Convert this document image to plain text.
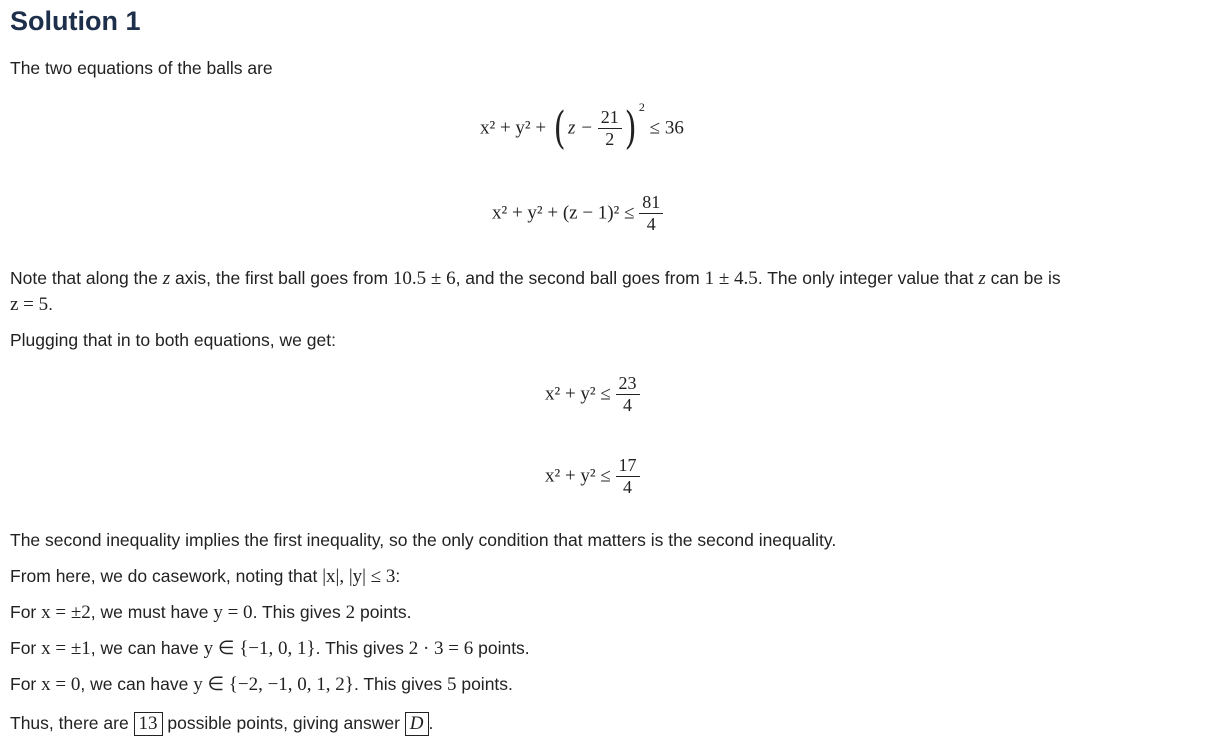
Solution 1
The two equations of the balls are
x² + y² + ( $z - \frac{21}{2}$ ) $^2$ ≤ 36
$x^2 + y^2 + (z - 1)^2 \le \frac{81}{4}$
Note that along the z axis, the first ball goes from 10.5 ± 6, and the second ball goes from 1 ± 4.5. The only integer value that z can be is
z = 5.
Plugging that in to both equations, we get:
$x^2 + y^2 \le \frac{23}{4}$
$x^2 + y^2 \le \frac{17}{4}$
The second inequality implies the first inequality, so the only condition that matters is the second inequality.
From here, we do casework, noting that |x|, |y| ≤ 3:
For x = ±2, we must have y = 0. This gives 2 points.
For x = ±1, we can have y ∈ {−1, 0, 1}. This gives 2 · 3 = 6 points.
For x = 0, we can have y ∈ {−2, −1, 0, 1, 2}. This gives 5 points.
Thus, there are 13 possible points, giving answer D .
